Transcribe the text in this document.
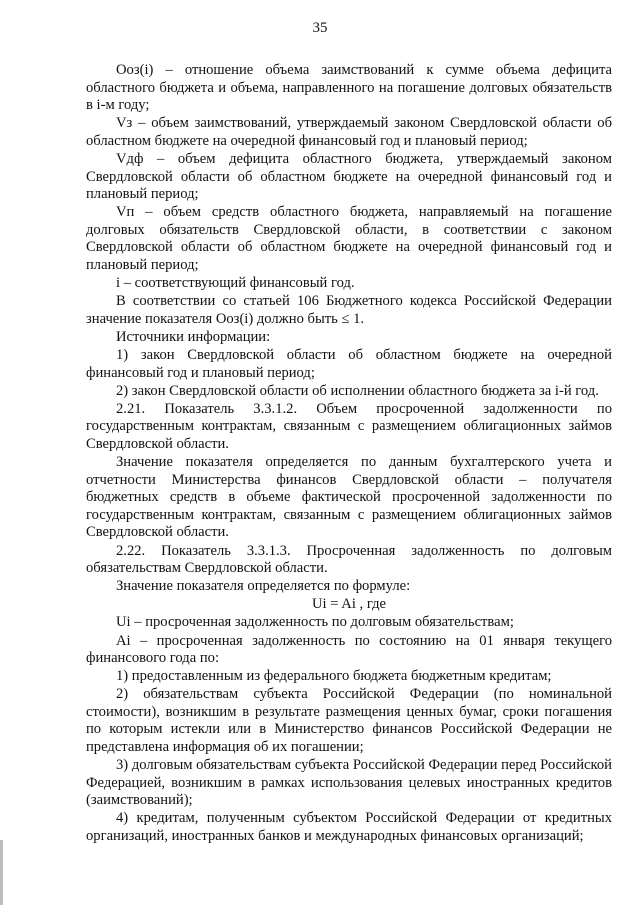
35

Ооз(i) – отношение объема заимствований к сумме объема дефицита областного бюджета и объема, направленного на погашение долговых обязательств в i-м году;

Vз – объем заимствований, утверждаемый законом Свердловской области об областном бюджете на очередной финансовый год и плановый период;

Vдф – объем дефицита областного бюджета, утверждаемый законом Свердловской области об областном бюджете на очередной финансовый год и плановый период;

Vп – объем средств областного бюджета, направляемый на погашение долговых обязательств Свердловской области, в соответствии с законом Свердловской области об областном бюджете на очередной финансовый год и плановый период;

i – соответствующий финансовый год.

В соответствии со статьей 106 Бюджетного кодекса Российской Федерации значение показателя Ооз(i) должно быть ≤ 1.

Источники информации:

1) закон Свердловской области об областном бюджете на очередной финансовый год и плановый период;

2) закон Свердловской области об исполнении областного бюджета за i-й год.

2.21. Показатель 3.3.1.2. Объем просроченной задолженности по государственным контрактам, связанным с размещением облигационных займов Свердловской области.

Значение показателя определяется по данным бухгалтерского учета и отчетности Министерства финансов Свердловской области – получателя бюджетных средств в объеме фактической просроченной задолженности по государственным контрактам, связанным с размещением облигационных займов Свердловской области.

2.22. Показатель 3.3.1.3. Просроченная задолженность по долговым обязательствам Свердловской области.

Значение показателя определяется по формуле:

Ui = Ai , где

Ui – просроченная задолженность по долговым обязательствам;

Ai – просроченная задолженность по состоянию на 01 января текущего финансового года по:

1) предоставленным из федерального бюджета бюджетным кредитам;

2) обязательствам субъекта Российской Федерации (по номинальной стоимости), возникшим в результате размещения ценных бумаг, сроки погашения по которым истекли или в Министерство финансов Российской Федерации не представлена информация об их погашении;

3) долговым обязательствам субъекта Российской Федерации перед Российской Федерацией, возникшим в рамках использования целевых иностранных кредитов (заимствований);

4) кредитам, полученным субъектом Российской Федерации от кредитных организаций, иностранных банков и международных финансовых организаций;
